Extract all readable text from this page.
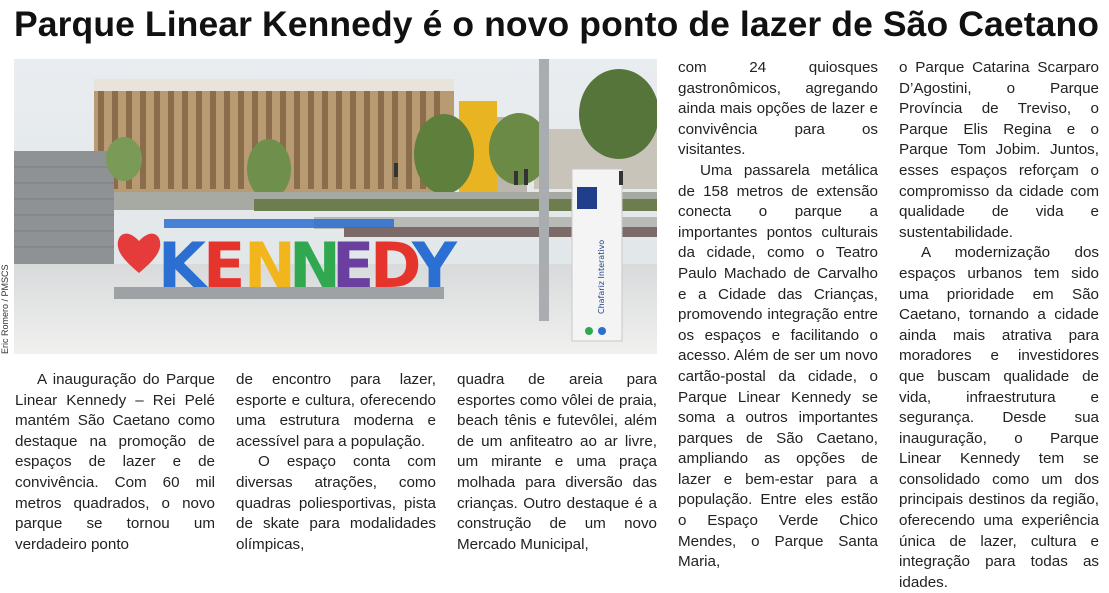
Parque Linear Kennedy é o novo ponto de lazer de São Caetano
K
E
N
N
E
D
Y	Chafariz Interativo
Eric Romero / PMSCS

A inauguração do Parque Linear Kennedy – Rei Pelé mantém São Caetano como destaque na promoção de espaços de lazer e de convivência. Com 60 mil metros quadrados, o novo parque se tornou um verdadeiro ponto

de encontro para lazer, esporte e cultura, oferecendo uma estrutura moderna e acessível para a população.

O espaço conta com diversas atrações, como quadras poliesportivas, pista de skate para modalidades olímpicas,

quadra de areia para esportes como vôlei de praia, beach tênis e futevôlei, além de um anfiteatro ao ar livre, um mirante e uma praça molhada para diversão das crianças. Outro destaque é a construção de um novo Mercado Municipal,

com 24 quiosques gastronômicos, agregando ainda mais opções de lazer e convivência para os visitantes.

Uma passarela metálica de 158 metros de extensão conecta o parque a importantes pontos culturais da cidade, como o Teatro Paulo Machado de Carvalho e a Cidade das Crianças, promovendo integração entre os espaços e facilitando o acesso. Além de ser um novo cartão-postal da cidade, o Parque Linear Kennedy se soma a outros importantes parques de São Caetano, ampliando as opções de lazer e bem-estar para a população. Entre eles estão o Espaço Verde Chico Mendes, o Parque Santa Maria,

o Parque Catarina Scarparo D’Agostini, o Parque Província de Treviso, o Parque Elis Regina e o Parque Tom Jobim. Juntos, esses espaços reforçam o compromisso da cidade com qualidade de vida e sustentabilidade.

A modernização dos espaços urbanos tem sido uma prioridade em São Caetano, tornando a cidade ainda mais atrativa para moradores e investidores que buscam qualidade de vida, infraestrutura e segurança. Desde sua inauguração, o Parque Linear Kennedy tem se consolidado como um dos principais destinos da região, oferecendo uma experiência única de lazer, cultura e integração para todas as idades.
